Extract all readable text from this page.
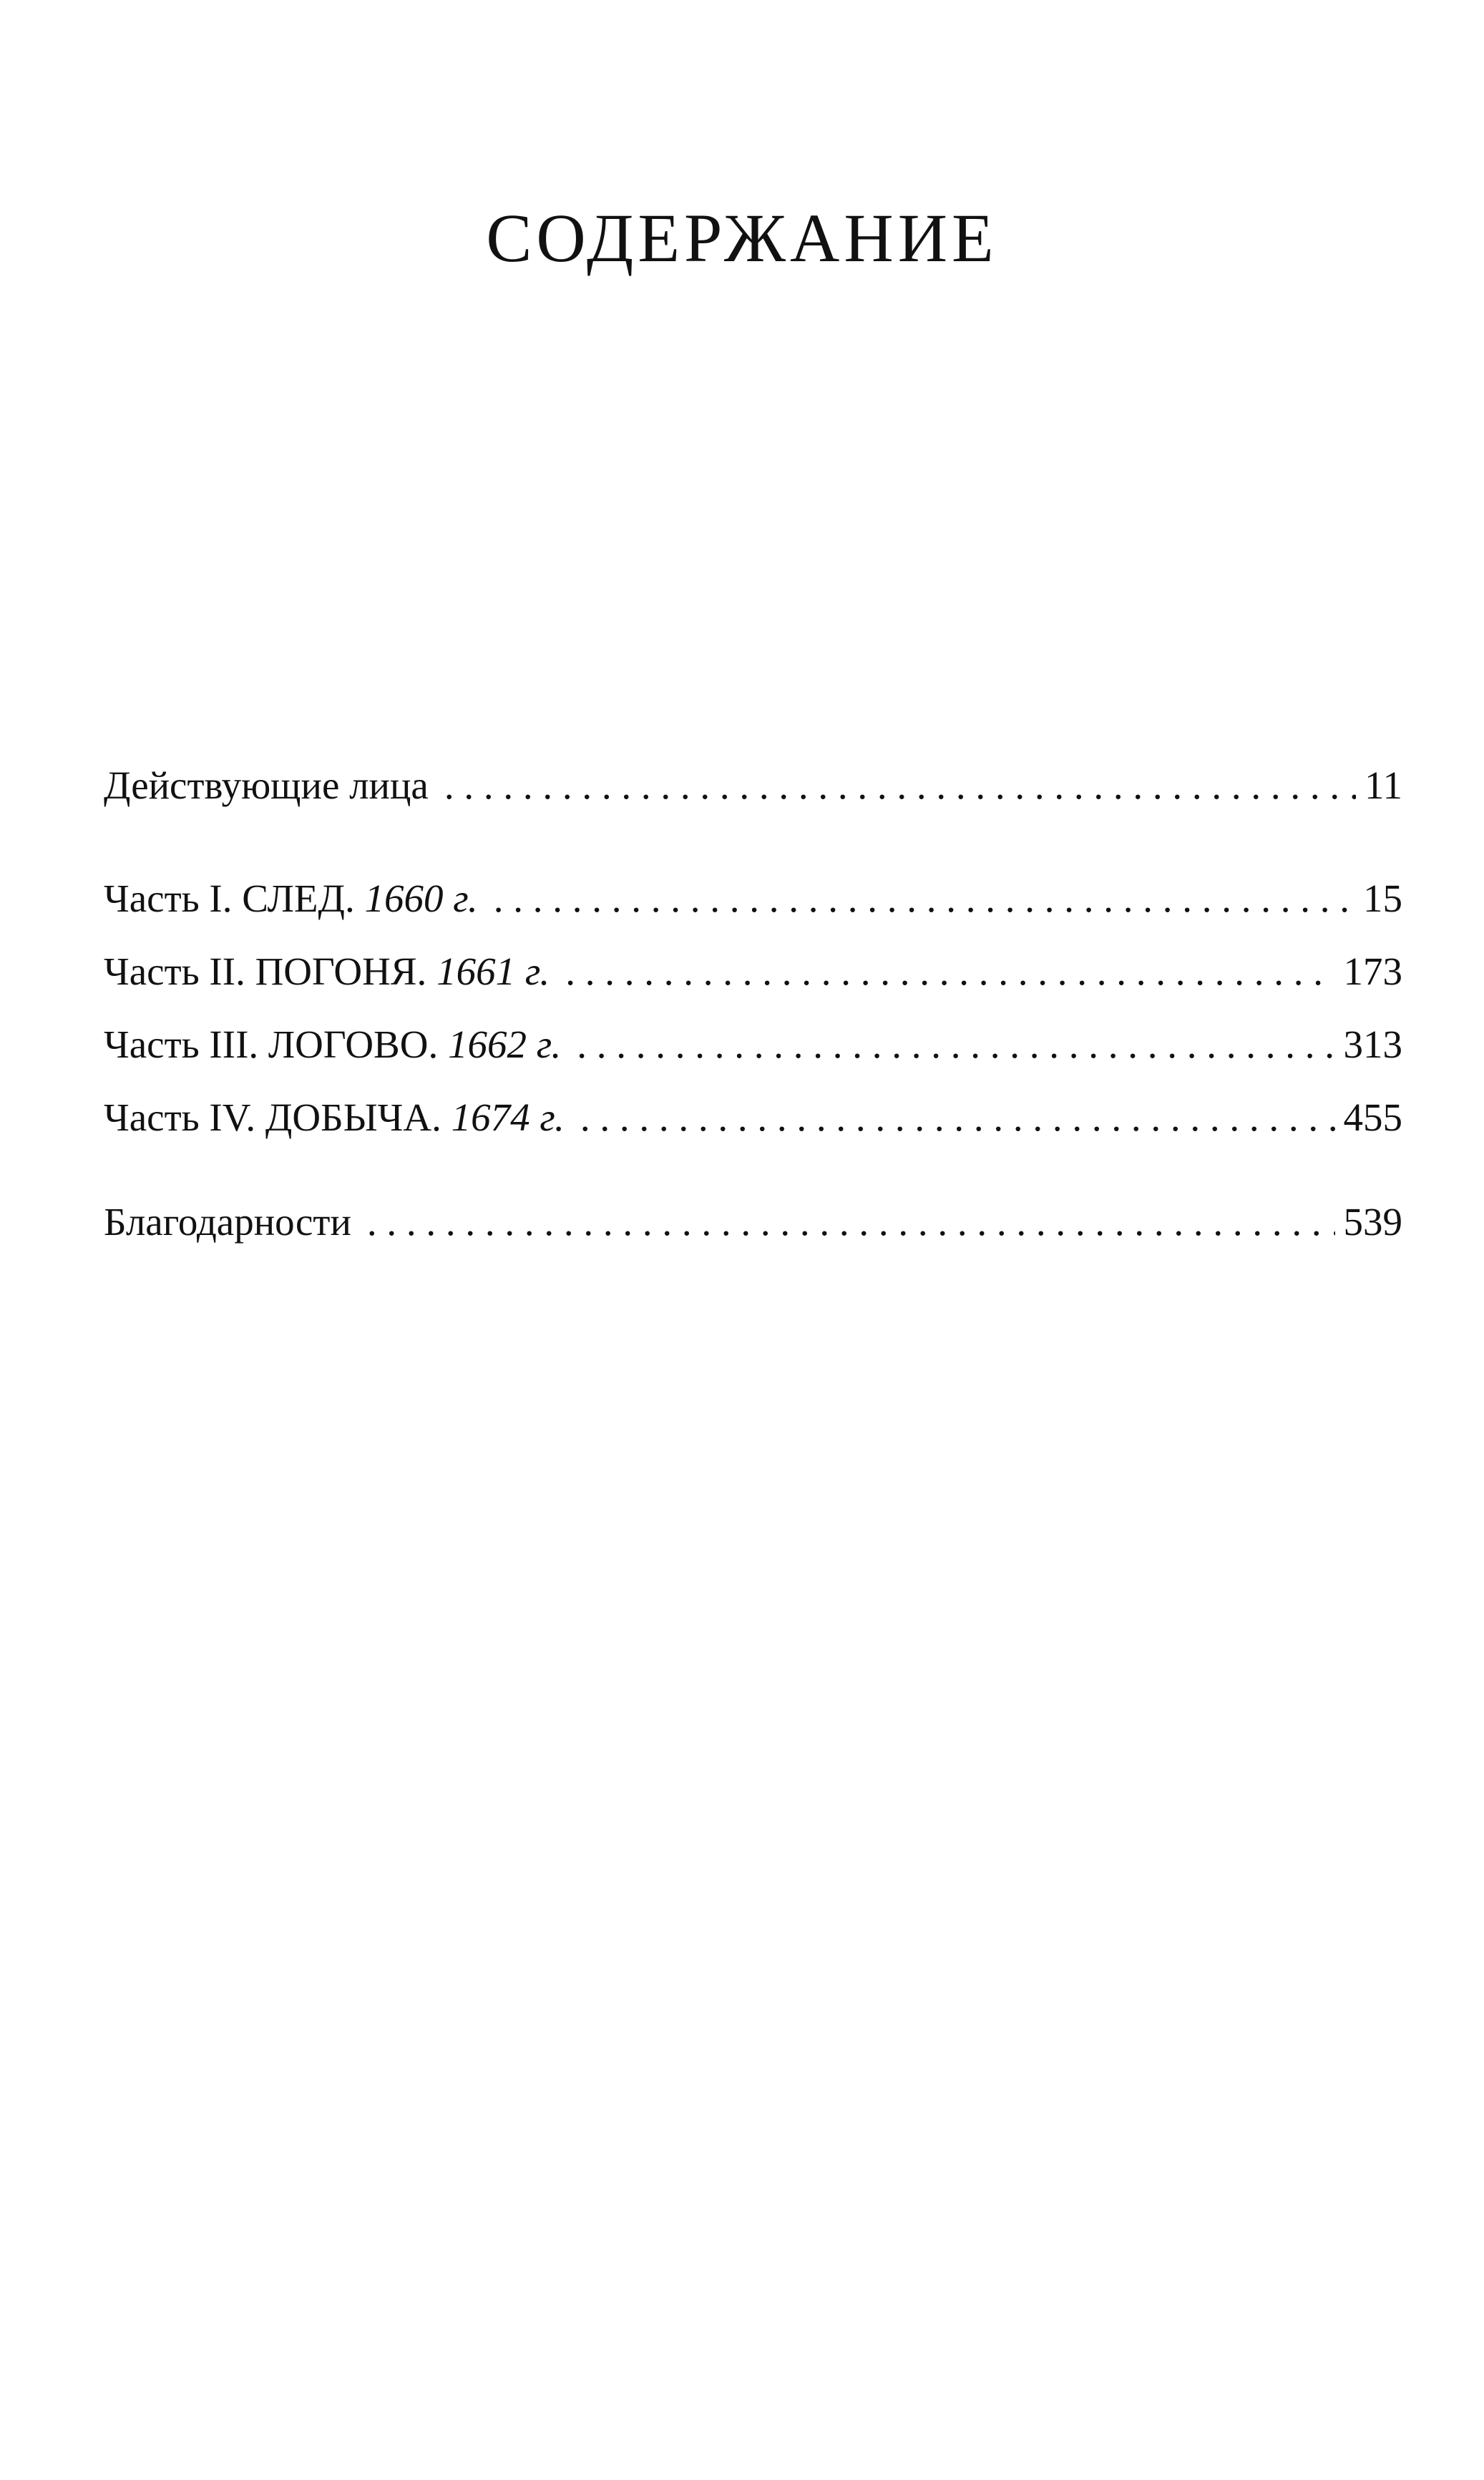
СОДЕРЖАНИЕ
Действующие лица . . .	11
Часть I. СЛЕД. 1660 г. . . .	15
Часть II. ПОГОНЯ. 1661 г. . . .	173
Часть III. ЛОГОВО. 1662 г. . . .	313
Часть IV. ДОБЫЧА. 1674 г. . . .	455
Благодарности . . .	539
